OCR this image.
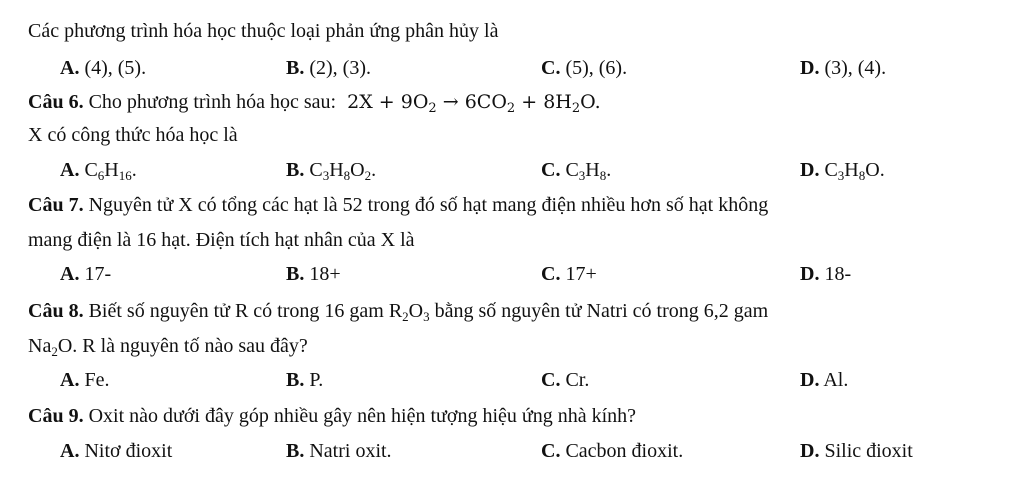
Các phương trình hóa học thuộc loại phản ứng phân hủy là
A. (4), (5).	B. (2), (3).	C. (5), (6).	D. (3), (4).
Câu 6. Cho phương trình hóa học sau: $2X + 9O_2 \to 6CO_2 + 8H_2O$.
X có công thức hóa học là
A. $C_6H_{16}$.	B. $C_3H_8O_2$.	C. $C_3H_8$.	D. $C_3H_8O$.
Câu 7. Nguyên tử X có tổng các hạt là 52 trong đó số hạt mang điện nhiều hơn số hạt không
mang điện là 16 hạt. Điện tích hạt nhân của X là
A. 17-	B. 18+	C. 17+	D. 18-
Câu 8. Biết số nguyên tử R có trong 16 gam $R_2O_3$ bằng số nguyên tử Natri có trong 6,2 gam
$Na_2O$. R là nguyên tố nào sau đây?
A. Fe.	B. P.	C. Cr.	D. Al.
Câu 9. Oxit nào dưới đây góp nhiều gây nên hiện tượng hiệu ứng nhà kính?
A. Nitơ đioxit	B. Natri oxit.	C. Cacbon đioxit.	D. Silic đioxit
